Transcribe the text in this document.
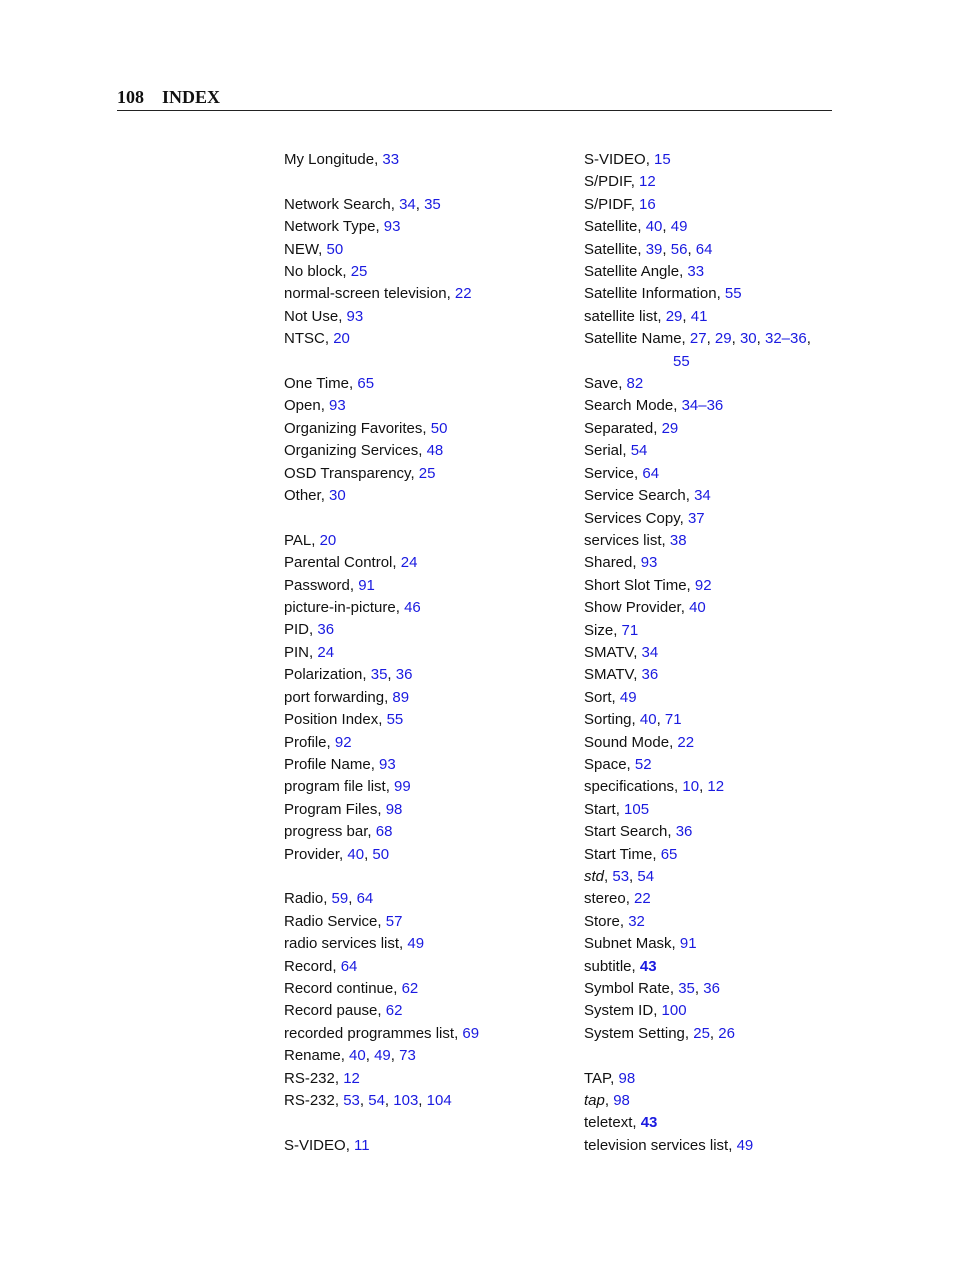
108 INDEX
My Longitude, 33
Network Search, 34, 35
Network Type, 93
NEW, 50
No block, 25
normal-screen television, 22
Not Use, 93
NTSC, 20
One Time, 65
Open, 93
Organizing Favorites, 50
Organizing Services, 48
OSD Transparency, 25
Other, 30
PAL, 20
Parental Control, 24
Password, 91
picture-in-picture, 46
PID, 36
PIN, 24
Polarization, 35, 36
port forwarding, 89
Position Index, 55
Profile, 92
Profile Name, 93
program file list, 99
Program Files, 98
progress bar, 68
Provider, 40, 50
Radio, 59, 64
Radio Service, 57
radio services list, 49
Record, 64
Record continue, 62
Record pause, 62
recorded programmes list, 69
Rename, 40, 49, 73
RS-232, 12
RS-232, 53, 54, 103, 104
S-VIDEO, 11
S-VIDEO, 15
S/PDIF, 12
S/PIDF, 16
Satellite, 40, 49
Satellite, 39, 56, 64
Satellite Angle, 33
Satellite Information, 55
satellite list, 29, 41
Satellite Name, 27, 29, 30, 32–36,
55
Save, 82
Search Mode, 34–36
Separated, 29
Serial, 54
Service, 64
Service Search, 34
Services Copy, 37
services list, 38
Shared, 93
Short Slot Time, 92
Show Provider, 40
Size, 71
SMATV, 34
SMATV, 36
Sort, 49
Sorting, 40, 71
Sound Mode, 22
Space, 52
specifications, 10, 12
Start, 105
Start Search, 36
Start Time, 65
std, 53, 54
stereo, 22
Store, 32
Subnet Mask, 91
subtitle, 43
Symbol Rate, 35, 36
System ID, 100
System Setting, 25, 26
TAP, 98
tap, 98
teletext, 43
television services list, 49
